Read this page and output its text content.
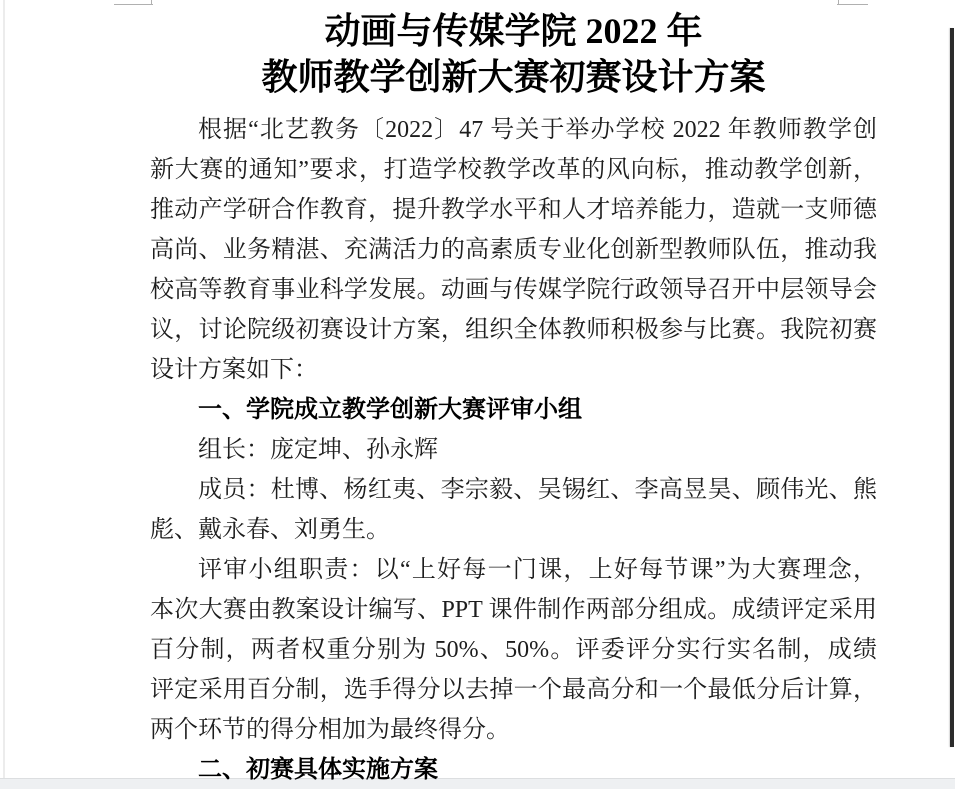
动画与传媒学院 2022 年
教师教学创新大赛初赛设计方案
根据“北艺教务〔2022〕47 号关于举办学校 2022 年教师教学创
新大赛的通知”要求，打造学校教学改革的风向标，推动教学创新，
推动产学研合作教育，提升教学水平和人才培养能力，造就一支师德
高尚、业务精湛、充满活力的高素质专业化创新型教师队伍，推动我
校高等教育事业科学发展。动画与传媒学院行政领导召开中层领导会
议，讨论院级初赛设计方案，组织全体教师积极参与比赛。我院初赛
设计方案如下：
一、学院成立教学创新大赛评审小组
组长：庞定坤、孙永辉
成员：杜博、杨红夷、李宗毅、吴锡红、李高昱昊、顾伟光、熊
彪、戴永春、刘勇生。
评审小组职责：以“上好每一门课，上好每节课”为大赛理念，
本次大赛由教案设计编写、PPT 课件制作两部分组成。成绩评定采用
百分制，两者权重分别为 50%、50%。评委评分实行实名制，成绩
评定采用百分制，选手得分以去掉一个最高分和一个最低分后计算，
两个环节的得分相加为最终得分。
二、初赛具体实施方案
